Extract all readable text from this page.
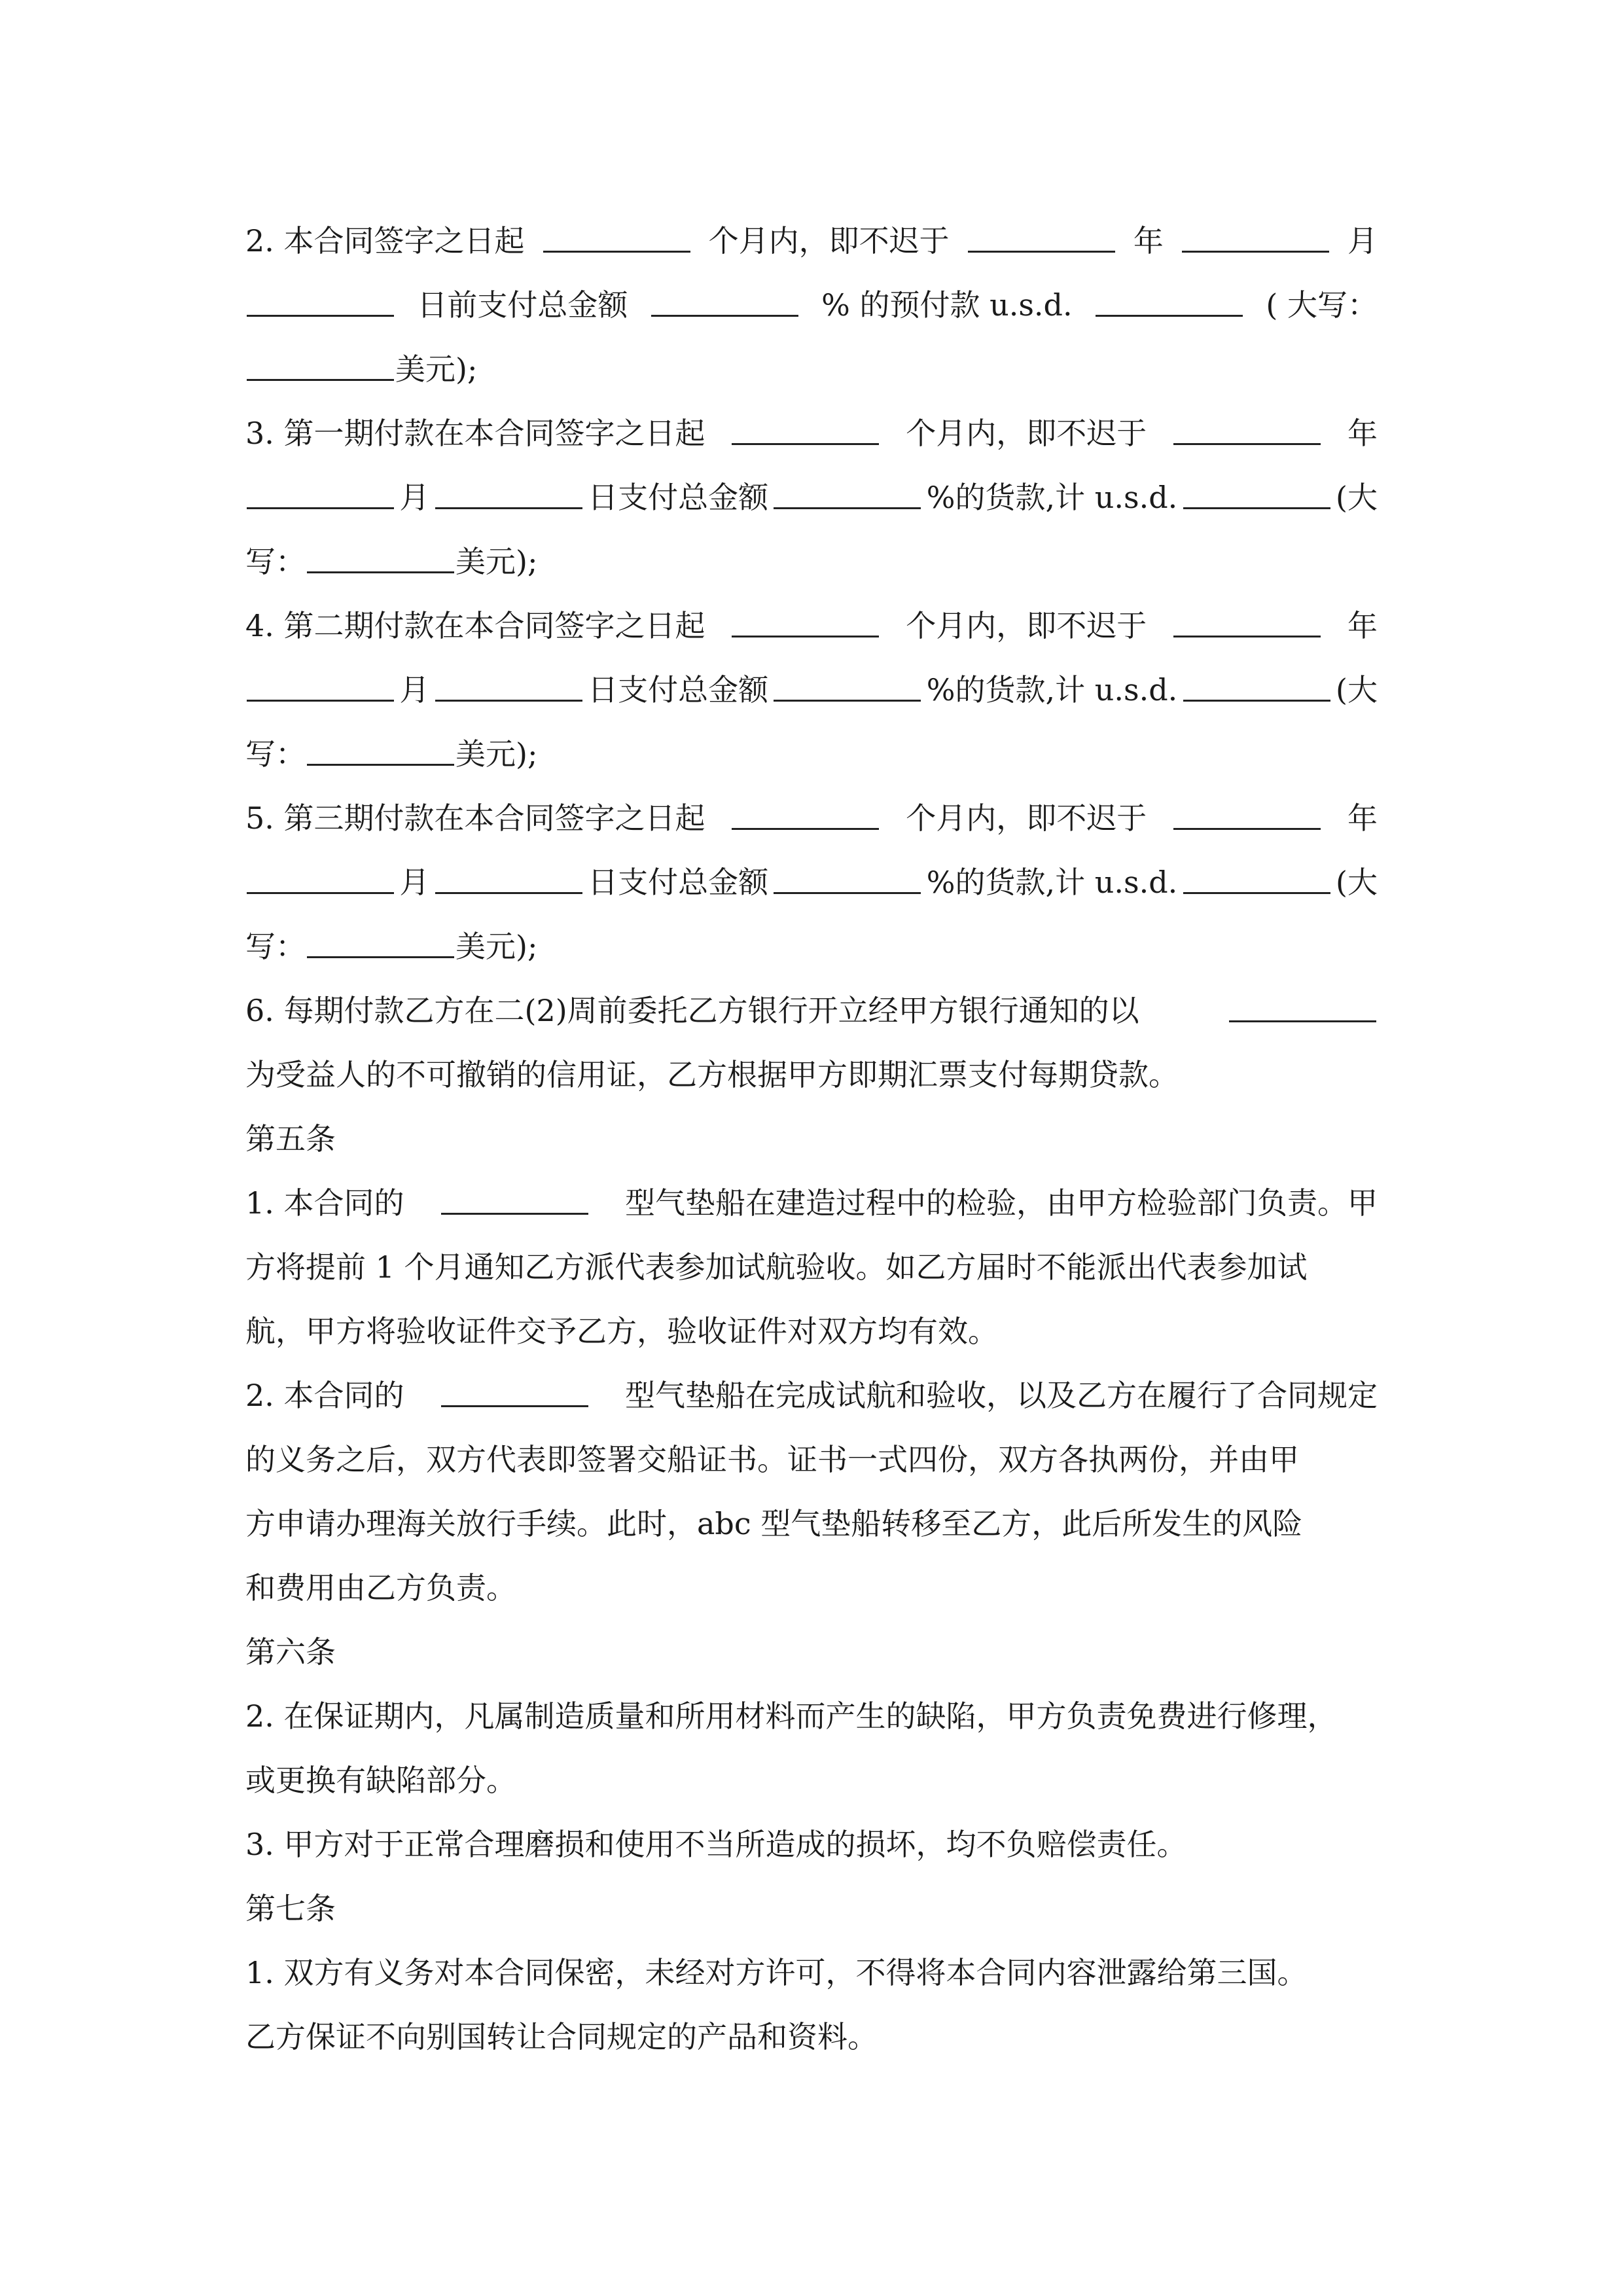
2. 本合同签字之日起	个月内，即不迟于	年	月
日前支付总金额	% 的预付款 u.s.d.	( 大写：
美元);
3. 第一期付款在本合同签字之日起	个月内，即不迟于	年
月	日支付总金额	%的货款,计 u.s.d.	(大
写：	美元);
4. 第二期付款在本合同签字之日起	个月内，即不迟于	年
月	日支付总金额	%的货款,计 u.s.d.	(大
写：	美元);
5. 第三期付款在本合同签字之日起	个月内，即不迟于	年
月	日支付总金额	%的货款,计 u.s.d.	(大
写：	美元);
6. 每期付款乙方在二(2)周前委托乙方银行开立经甲方银行通知的以
为受益人的不可撤销的信用证，乙方根据甲方即期汇票支付每期贷款。
第五条
1. 本合同的	型气垫船在建造过程中的检验，由甲方检验部门负责。甲
方将提前 1 个月通知乙方派代表参加试航验收。如乙方届时不能派出代表参加试
航，甲方将验收证件交予乙方，验收证件对双方均有效。
2. 本合同的	型气垫船在完成试航和验收，以及乙方在履行了合同规定
的义务之后，双方代表即签署交船证书。证书一式四份，双方各执两份，并由甲
方申请办理海关放行手续。此时，abc 型气垫船转移至乙方，此后所发生的风险
和费用由乙方负责。
第六条
2. 在保证期内，凡属制造质量和所用材料而产生的缺陷，甲方负责免费进行修理，
或更换有缺陷部分。
3. 甲方对于正常合理磨损和使用不当所造成的损坏，均不负赔偿责任。
第七条
1. 双方有义务对本合同保密，未经对方许可，不得将本合同内容泄露给第三国。
乙方保证不向别国转让合同规定的产品和资料。
